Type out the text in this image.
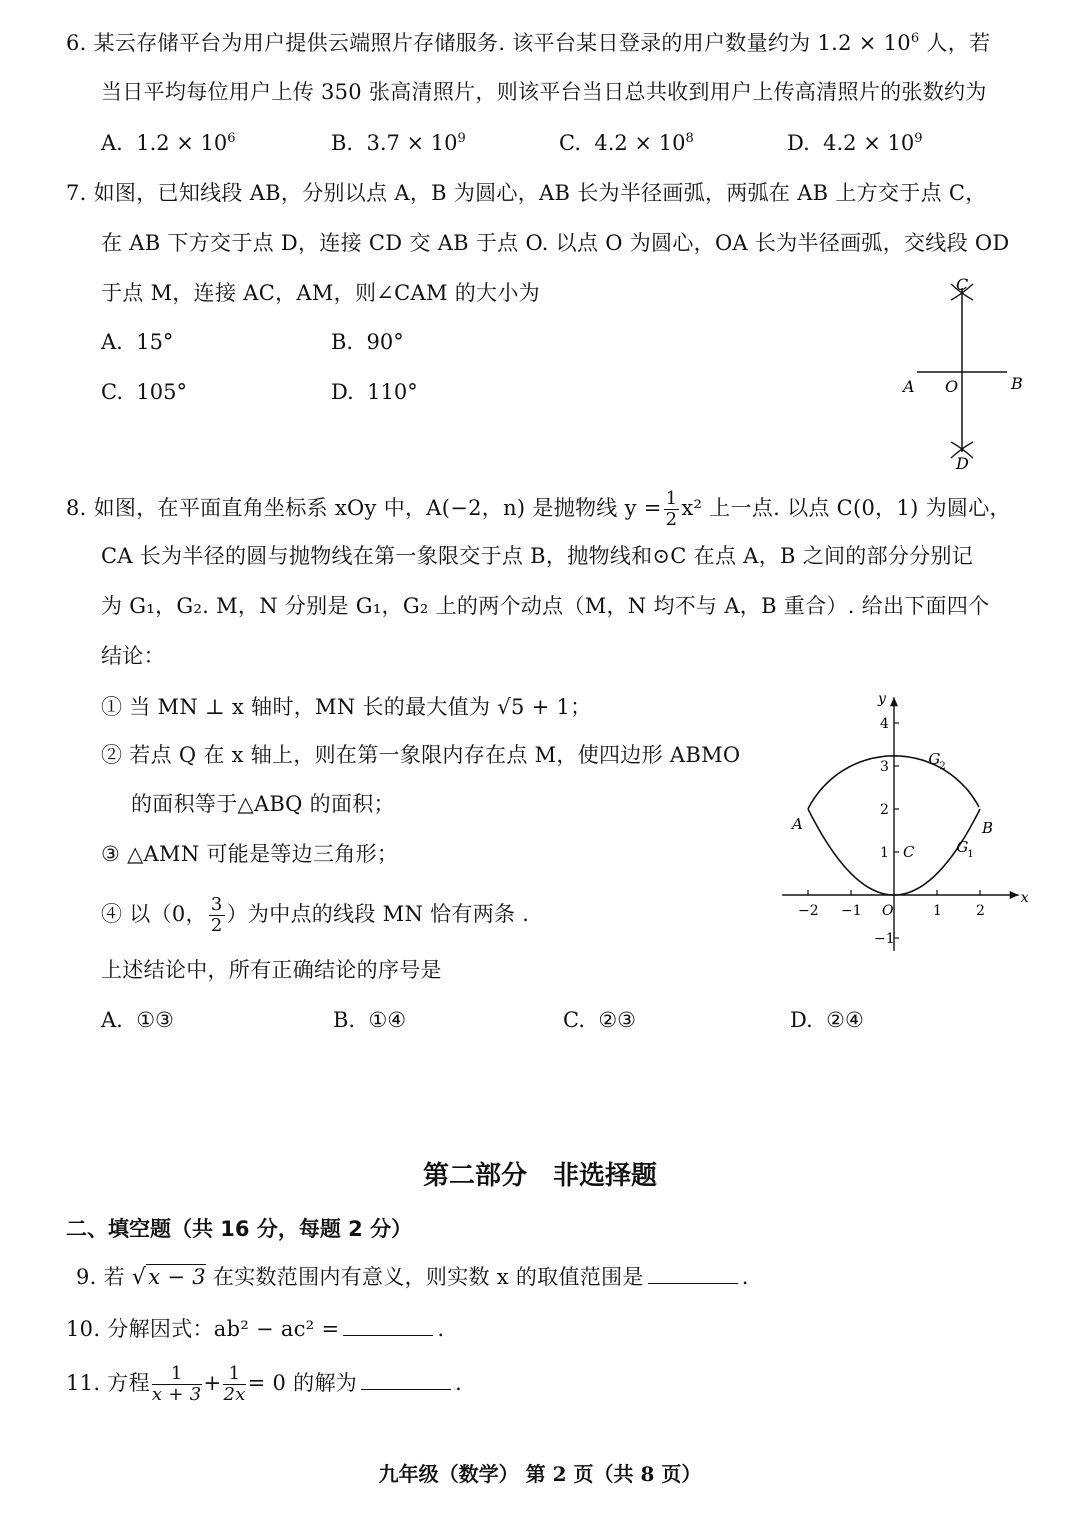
6. 某云存储平台为用户提供云端照片存储服务. 该平台某日登录的用户数量约为 $1.2 \times 10^6$ 人，若
当日平均每位用户上传 350 张高清照片，则该平台当日总共收到用户上传高清照片的张数约为
A. $1.2 \times 10^6$	B. $3.7 \times 10^9$	C. $4.2 \times 10^8$	D. $4.2 \times 10^9$
7. 如图，已知线段 AB，分别以点 A，B 为圆心，AB 长为半径画弧，两弧在 AB 上方交于点 C，
在 AB 下方交于点 D，连接 CD 交 AB 于点 O. 以点 O 为圆心，OA 长为半径画弧，交线段 OD
于点 M，连接 AC，AM，则∠CAM 的大小为
A. 15°	B. 90°
C. 105°	D. 110°
C
A O	B
D
8. 如图，在平面直角坐标系 xOy 中，A(−2，n) 是抛物线 $y = \frac{1}{2} x^2$ 上一点. 以点 C(0，1) 为圆心，
CA 长为半径的圆与抛物线在第一象限交于点 B，抛物线和⊙C 在点 A，B 之间的部分分别记
为 G₁，G₂. M，N 分别是 G₁，G₂ 上的两个动点（M，N 均不与 A，B 重合）. 给出下面四个
结论：
① 当 MN ⊥ x 轴时，MN 长的最大值为 √5 + 1；
② 若点 Q 在 x 轴上，则在第一象限内存在点 M，使四边形 ABMO
的面积等于△ABQ 的面积；
③ △AMN 可能是等边三角形；
④ 以（0， $\frac{3}{2}$ ）为中点的线段 MN 恰有两条 .
上述结论中，所有正确结论的序号是
A. ①③	B. ①④	C. ②③	D. ②④
x
y
−2 −1 O	1 2
−1
1
2
3
4
A	B
C
G 2
G 1
第二部分　非选择题
二、填空题（共 16 分，每题 2 分）
9. 若 √x − 3 在实数范围内有意义，则实数 x 的取值范围是	.
10. 分解因式：ab² − ac² =	.
11. 方程 $\frac{1}{x + 3} + \frac{1}{2x} = 0$ 的解为	.
九年级（数学） 第 2 页（共 8 页）
